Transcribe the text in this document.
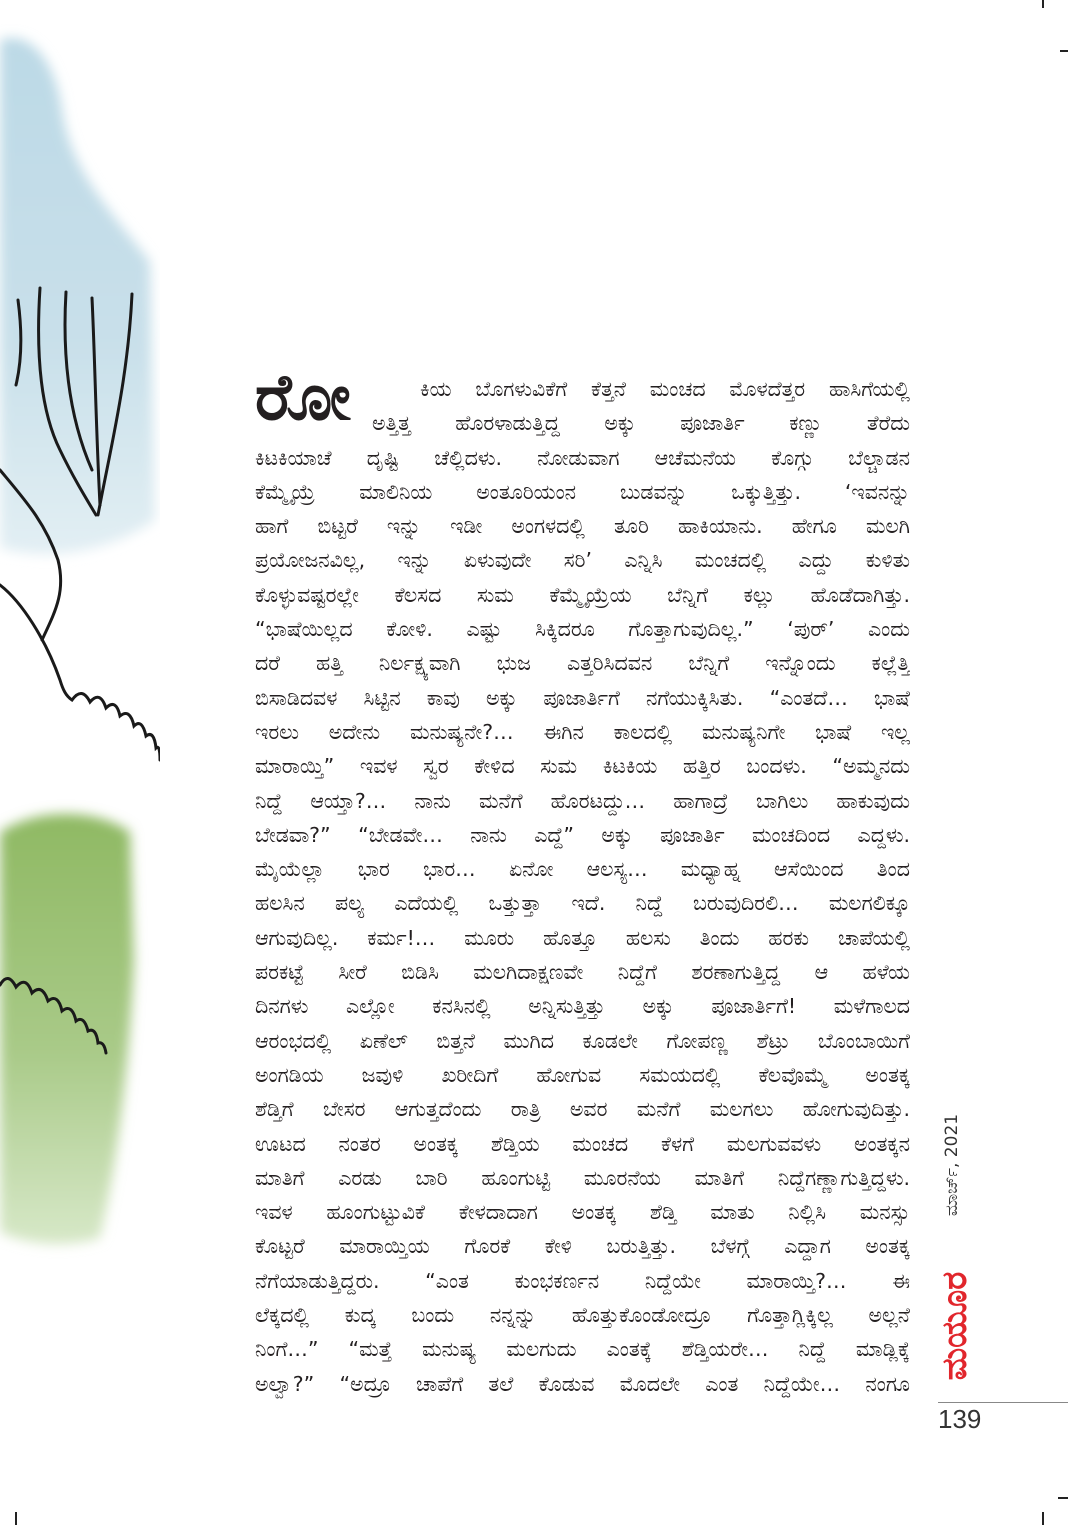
ರೋ	ಕಿಯ ಬೊಗಳುವಿಕೆಗೆ ಕೆತ್ತನೆ ಮಂಚದ ಮೊಳದೆತ್ತರ ಹಾಸಿಗೆಯಲ್ಲಿ
ಅತ್ತಿತ್ತ ಹೊರಳಾಡುತ್ತಿದ್ದ ಅಕ್ಕು ಪೂಜಾರ್ತಿ ಕಣ್ಣು ತೆರೆದು
ಕಿಟಕಿಯಾಚೆ ದೃಷ್ಟಿ ಚೆಲ್ಲಿದಳು. ನೋಡುವಾಗ ಆಚೆಮನೆಯ ಕೊಗ್ಗು ಬೆಲ್ಚಾಡನ
ಕೆಮ್ಮೈಯ್ರೆ ಮಾಲಿನಿಯ ಅಂತೂರಿಯಂನ ಬುಡವನ್ನು ಒಕ್ಕುತ್ತಿತ್ತು. ‘ಇವನನ್ನು
ಹಾಗೆ ಬಿಟ್ಟರೆ ಇನ್ನು ಇಡೀ ಅಂಗಳದಲ್ಲಿ ತೂರಿ ಹಾಕಿಯಾನು. ಹೇಗೂ ಮಲಗಿ
ಪ್ರಯೋಜನವಿಲ್ಲ, ಇನ್ನು ಏಳುವುದೇ ಸರಿ’ ಎನ್ನಿಸಿ ಮಂಚದಲ್ಲಿ ಎದ್ದು ಕುಳಿತು
ಕೊಳ್ಳುವಷ್ಟರಲ್ಲೇ ಕೆಲಸದ ಸುಮ ಕೆಮ್ಮೈಯ್ರೆಯ ಬೆನ್ನಿಗೆ ಕಲ್ಲು ಹೊಡೆದಾಗಿತ್ತು.
“ಭಾಷೆಯಿಲ್ಲದ ಕೋಳಿ. ಎಷ್ಟು ಸಿಕ್ಕಿದರೂ ಗೊತ್ತಾಗುವುದಿಲ್ಲ.” ‘ಪುರ್’ ಎಂದು
ದರೆ ಹತ್ತಿ ನಿರ್ಲಕ್ಷ್ಯವಾಗಿ ಭುಜ ಎತ್ತರಿಸಿದವನ ಬೆನ್ನಿಗೆ ಇನ್ನೊಂದು ಕಲ್ಲೆತ್ತಿ
ಬಿಸಾಡಿದವಳ ಸಿಟ್ಟಿನ ಕಾವು ಅಕ್ಕು ಪೂಜಾರ್ತಿಗೆ ನಗೆಯುಕ್ಕಿಸಿತು. “ಎಂತದೆ… ಭಾಷೆ
ಇರಲು ಅದೇನು ಮನುಷ್ಯನೇ?… ಈಗಿನ ಕಾಲದಲ್ಲಿ ಮನುಷ್ಯನಿಗೇ ಭಾಷೆ ಇಲ್ಲ
ಮಾರಾಯ್ತಿ” ಇವಳ ಸ್ವರ ಕೇಳಿದ ಸುಮ ಕಿಟಕಿಯ ಹತ್ತಿರ ಬಂದಳು. “ಅಮ್ಮನದು
ನಿದ್ದೆ ಆಯ್ತಾ?… ನಾನು ಮನೆಗೆ ಹೊರಟದ್ದು… ಹಾಗಾದ್ರೆ ಬಾಗಿಲು ಹಾಕುವುದು
ಬೇಡವಾ?” “ಬೇಡವೇ… ನಾನು ಎದ್ದೆ” ಅಕ್ಕು ಪೂಜಾರ್ತಿ ಮಂಚದಿಂದ ಎದ್ದಳು.
ಮೈಯೆಲ್ಲಾ ಭಾರ ಭಾರ… ಏನೋ ಆಲಸ್ಯ… ಮಧ್ಯಾಹ್ನ ಆಸೆಯಿಂದ ತಿಂದ
ಹಲಸಿನ ಪಲ್ಯ ಎದೆಯಲ್ಲಿ ಒತ್ತುತ್ತಾ ಇದೆ. ನಿದ್ದೆ ಬರುವುದಿರಲಿ… ಮಲಗಲಿಕ್ಕೂ
ಆಗುವುದಿಲ್ಲ. ಕರ್ಮ!… ಮೂರು ಹೊತ್ತೂ ಹಲಸು ತಿಂದು ಹರಕು ಚಾಪೆಯಲ್ಲಿ
ಪರಕಟ್ಟೆ ಸೀರೆ ಬಿಡಿಸಿ ಮಲಗಿದಾಕ್ಷಣವೇ ನಿದ್ದೆಗೆ ಶರಣಾಗುತ್ತಿದ್ದ ಆ ಹಳೆಯ
ದಿನಗಳು ಎಲ್ಲೋ ಕನಸಿನಲ್ಲಿ ಅನ್ನಿಸುತ್ತಿತ್ತು ಅಕ್ಕು ಪೂಜಾರ್ತಿಗೆ! ಮಳೆಗಾಲದ
ಆರಂಭದಲ್ಲಿ ಏಣೆಲ್ ಬಿತ್ತನೆ ಮುಗಿದ ಕೂಡಲೇ ಗೋಪಣ್ಣ ಶೆಟ್ರು ಬೊಂಬಾಯಿಗೆ
ಅಂಗಡಿಯ ಜವುಳಿ ಖರೀದಿಗೆ ಹೋಗುವ ಸಮಯದಲ್ಲಿ ಕೆಲವೊಮ್ಮೆ ಅಂತಕ್ಕ
ಶೆಡ್ತಿಗೆ ಬೇಸರ ಆಗುತ್ತದೆಂದು ರಾತ್ರಿ ಅವರ ಮನೆಗೆ ಮಲಗಲು ಹೋಗುವುದಿತ್ತು.
ಊಟದ ನಂತರ ಅಂತಕ್ಕ ಶೆಡ್ತಿಯ ಮಂಚದ ಕೆಳಗೆ ಮಲಗುವವಳು ಅಂತಕ್ಕನ
ಮಾತಿಗೆ ಎರಡು ಬಾರಿ ಹೂಂಗುಟ್ಟಿ ಮೂರನೆಯ ಮಾತಿಗೆ ನಿದ್ದೆಗಣ್ಣಾಗುತ್ತಿದ್ದಳು.
ಇವಳ ಹೂಂಗುಟ್ಟುವಿಕೆ ಕೇಳದಾದಾಗ ಅಂತಕ್ಕ ಶೆಡ್ತಿ ಮಾತು ನಿಲ್ಲಿಸಿ ಮನಸ್ಸು
ಕೊಟ್ಟರೆ ಮಾರಾಯ್ತಿಯ ಗೊರಕೆ ಕೇಳಿ ಬರುತ್ತಿತ್ತು. ಬೆಳಗ್ಗೆ ಎದ್ದಾಗ ಅಂತಕ್ಕ
ನೆಗೆಯಾಡುತ್ತಿದ್ದರು. “ಎಂತ ಕುಂಭಕರ್ಣನ ನಿದ್ದೆಯೇ ಮಾರಾಯ್ತಿ?… ಈ
ಲೆಕ್ಕದಲ್ಲಿ ಕುದ್ಕ ಬಂದು ನನ್ನನ್ನು ಹೊತ್ತುಕೊಂಡೋದ್ರೂ ಗೊತ್ತಾಗ್ಲಿಕ್ಕಿಲ್ಲ ಅಲ್ಲನೆ
ನಿಂಗೆ…” “ಮತ್ತೆ ಮನುಷ್ಯ ಮಲಗುದು ಎಂತಕ್ಕೆ ಶೆಡ್ತಿಯರೇ… ನಿದ್ದೆ ಮಾಡ್ಲಿಕ್ಕೆ
ಅಲ್ವಾ?” “ಅದ್ರೂ ಚಾಪೆಗೆ ತಲೆ ಕೊಡುವ ಮೊದಲೇ ಎಂತ ನಿದ್ದೆಯೇ… ನಂಗೂ
ಮಾರ್ಚ್, 2021
ಮಯೂರ
139
